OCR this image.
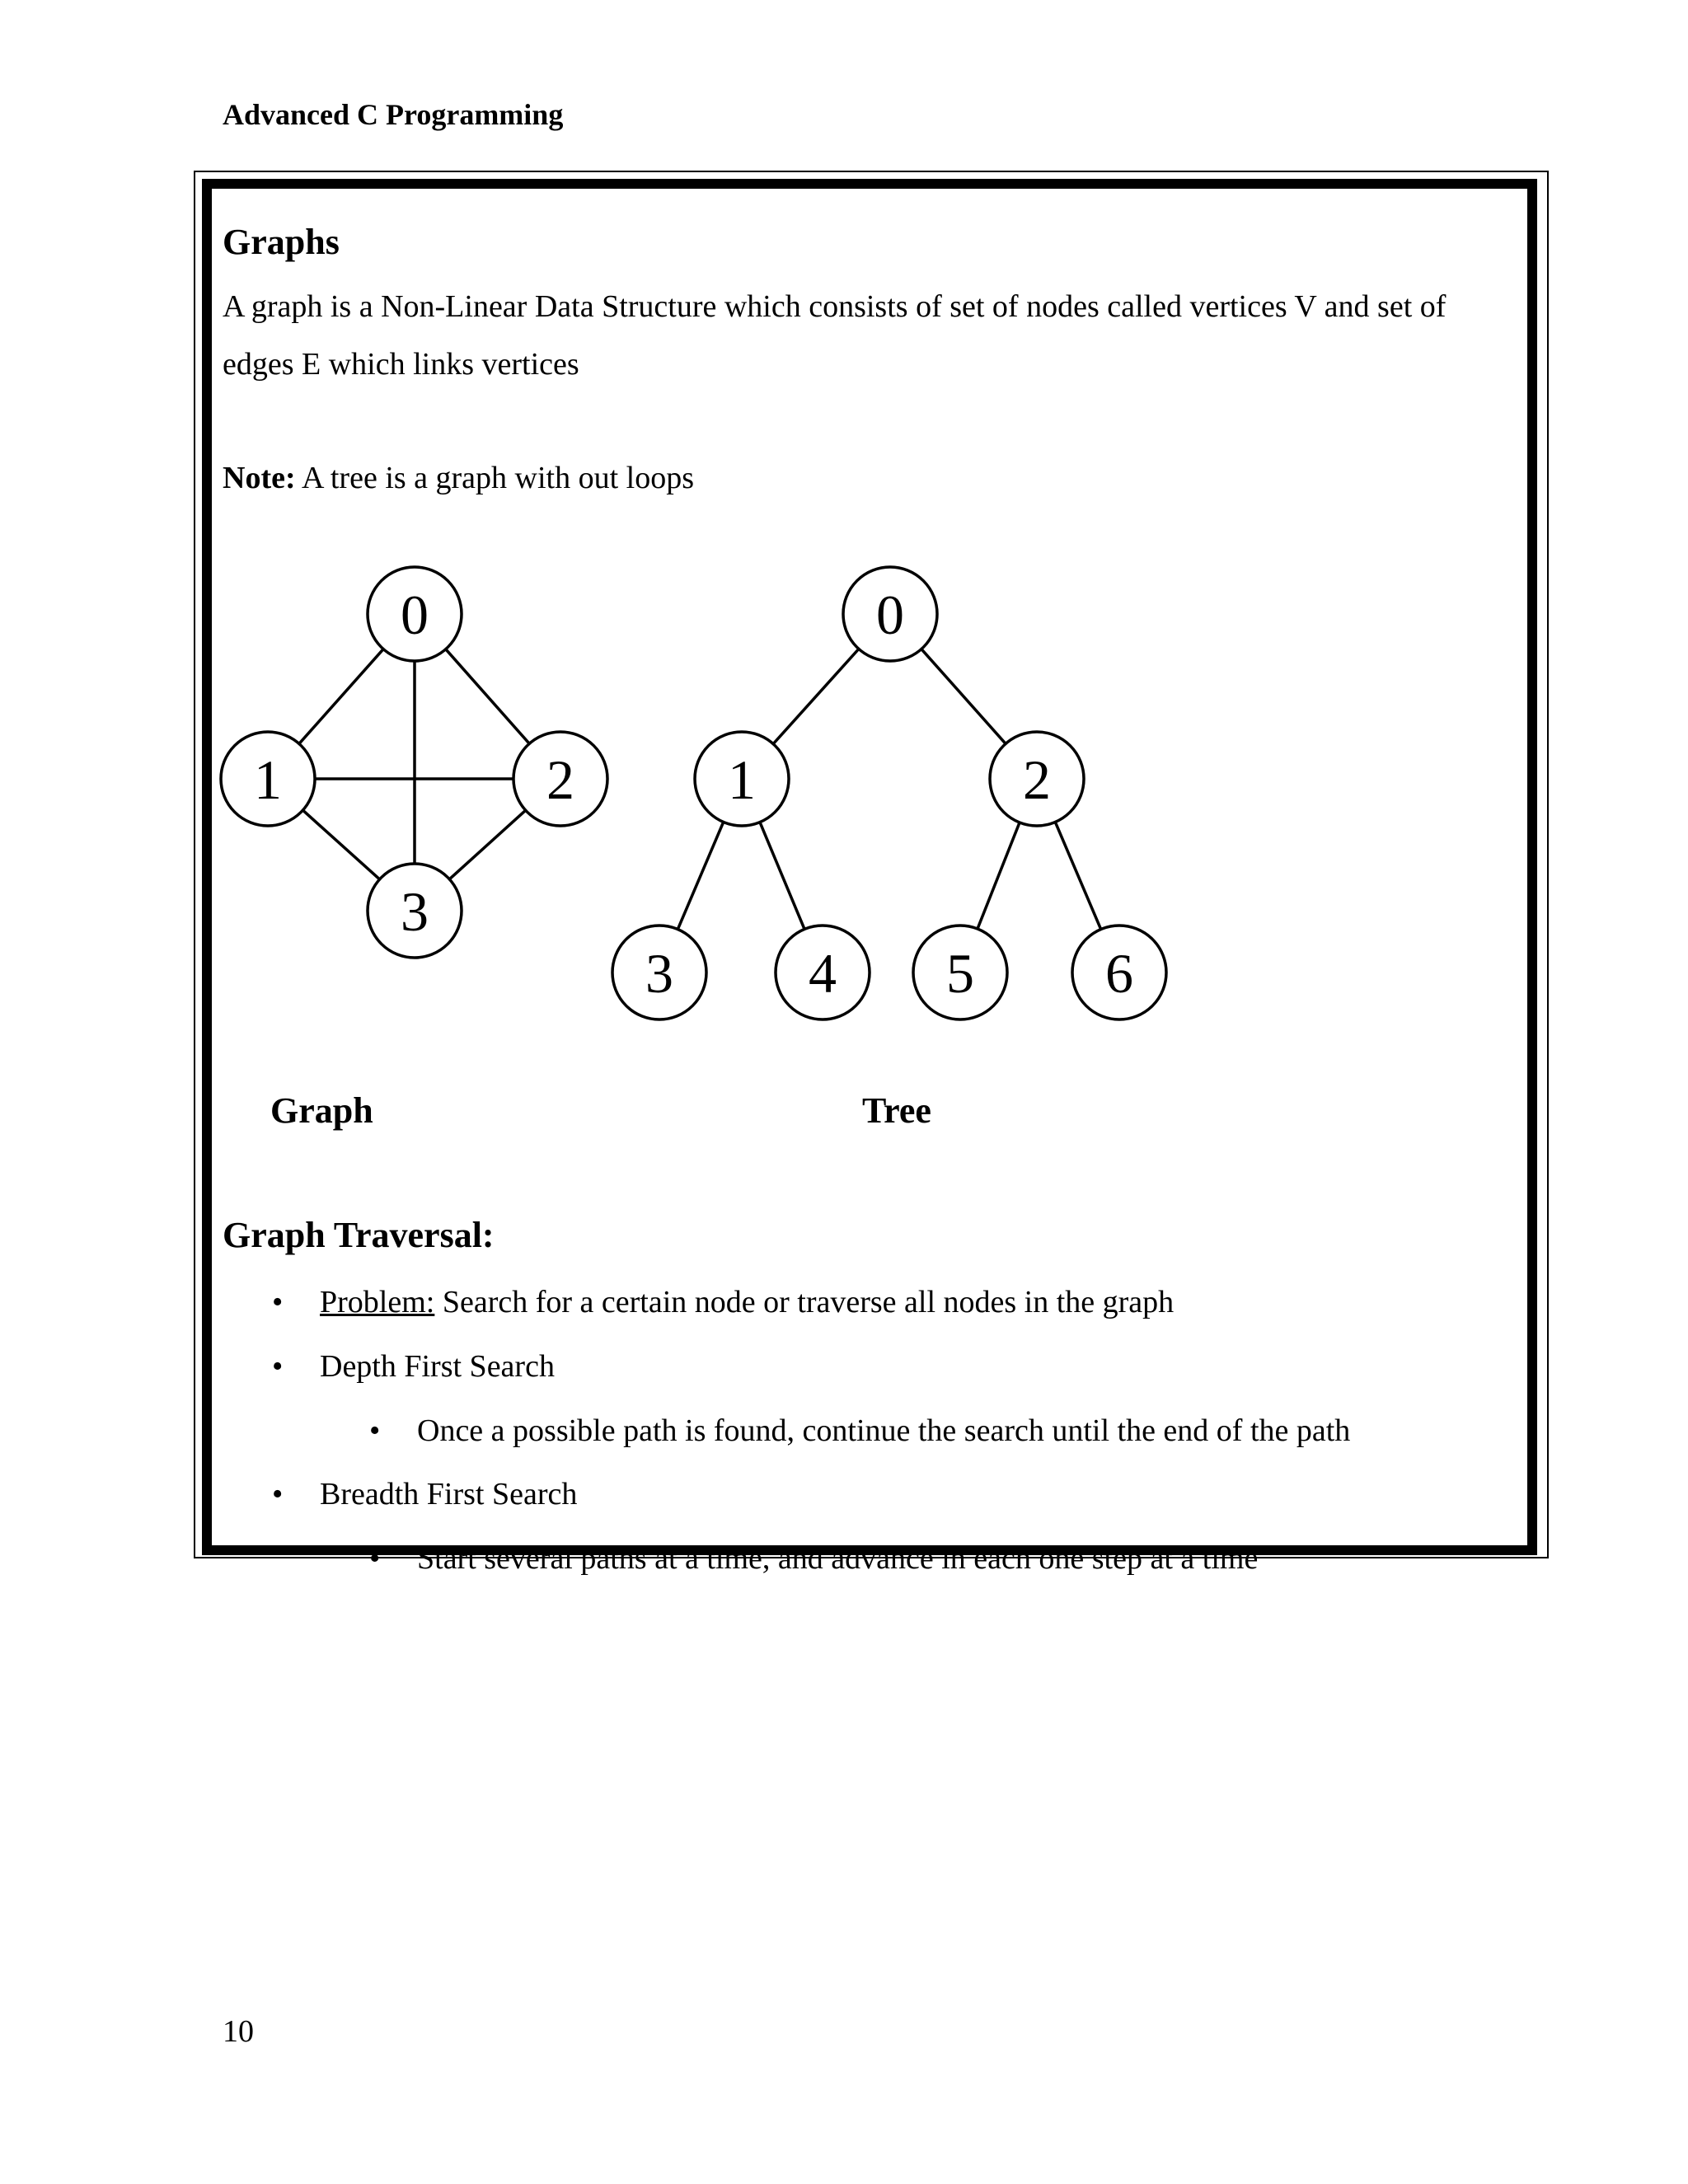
Advanced C Programming
Graphs
A graph is a Non-Linear Data Structure which consists of set of nodes called vertices V and set of edges E which links vertices
Note: A tree is a graph with out loops
0
1	2
3
0
1	2
3 4 5 6
Graph	Tree
Graph Traversal:
• Problem: Search for a certain node or traverse all nodes in the graph
• Depth First Search
• Once a possible path is found, continue the search until the end of the path
• Breadth First Search
• Start several paths at a time, and advance in each one step at a time
10
